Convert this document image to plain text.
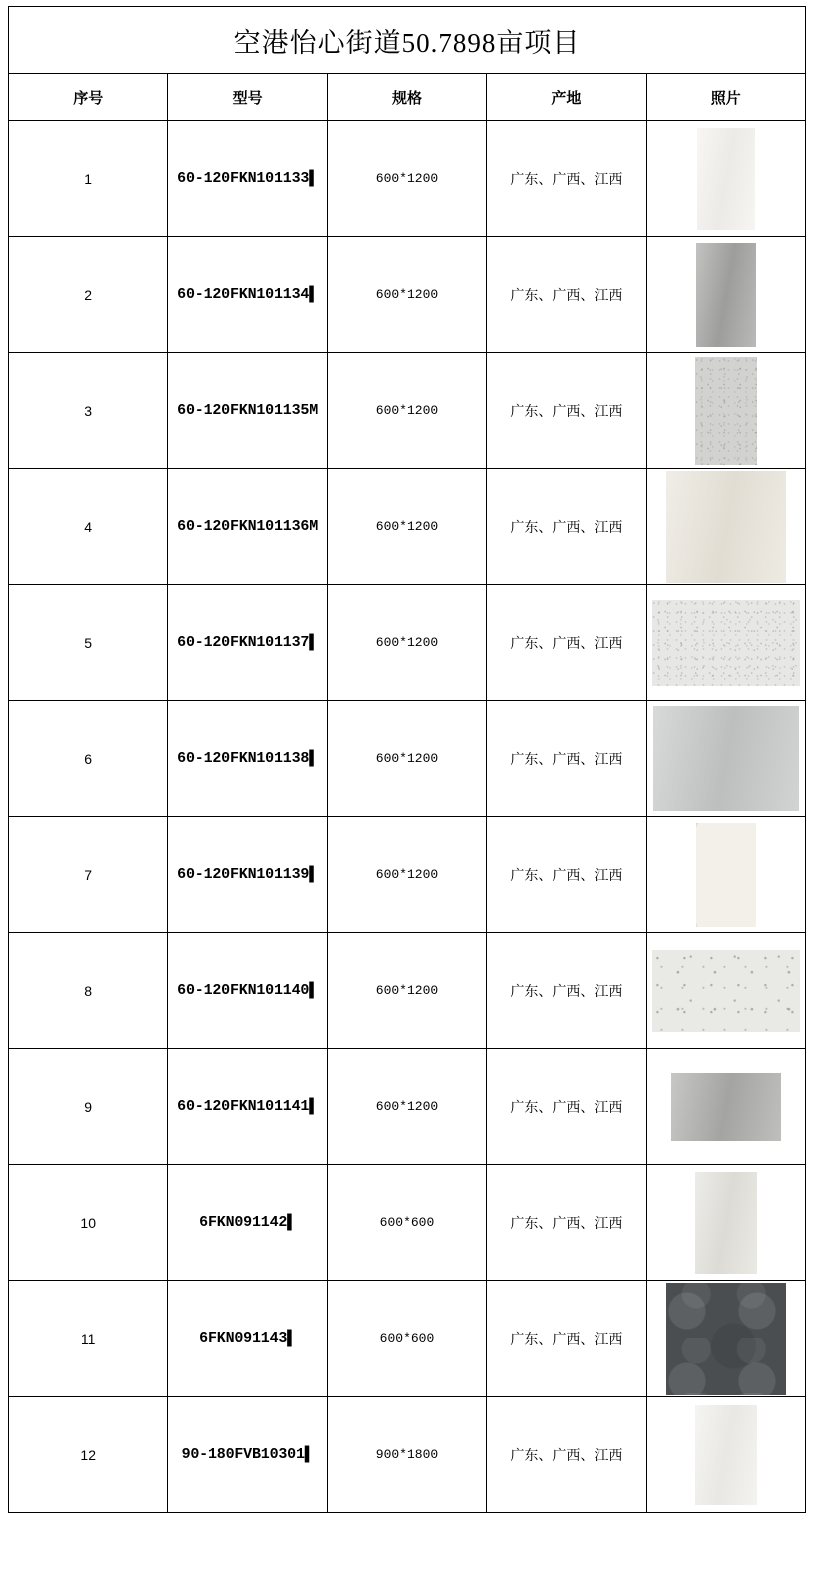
空港怡心街道50.7898亩项目				
序号	型号	规格	产地	照片
1	60-120FKN101133▌	600*1200	广东、广西、江西	

2	60-120FKN101134▌	600*1200	广东、广西、江西	

3	60-120FKN101135M	600*1200	广东、广西、江西	

4	60-120FKN101136M	600*1200	广东、广西、江西	

5	60-120FKN101137▌	600*1200	广东、广西、江西	

6	60-120FKN101138▌	600*1200	广东、广西、江西	

7	60-120FKN101139▌	600*1200	广东、广西、江西	

8	60-120FKN101140▌	600*1200	广东、广西、江西	

9	60-120FKN101141▌	600*1200	广东、广西、江西	

10	6FKN091142▌	600*600	广东、广西、江西	

11	6FKN091143▌	600*600	广东、广西、江西	

12	90-180FVB10301▌	900*1800	广东、广西、江西	
